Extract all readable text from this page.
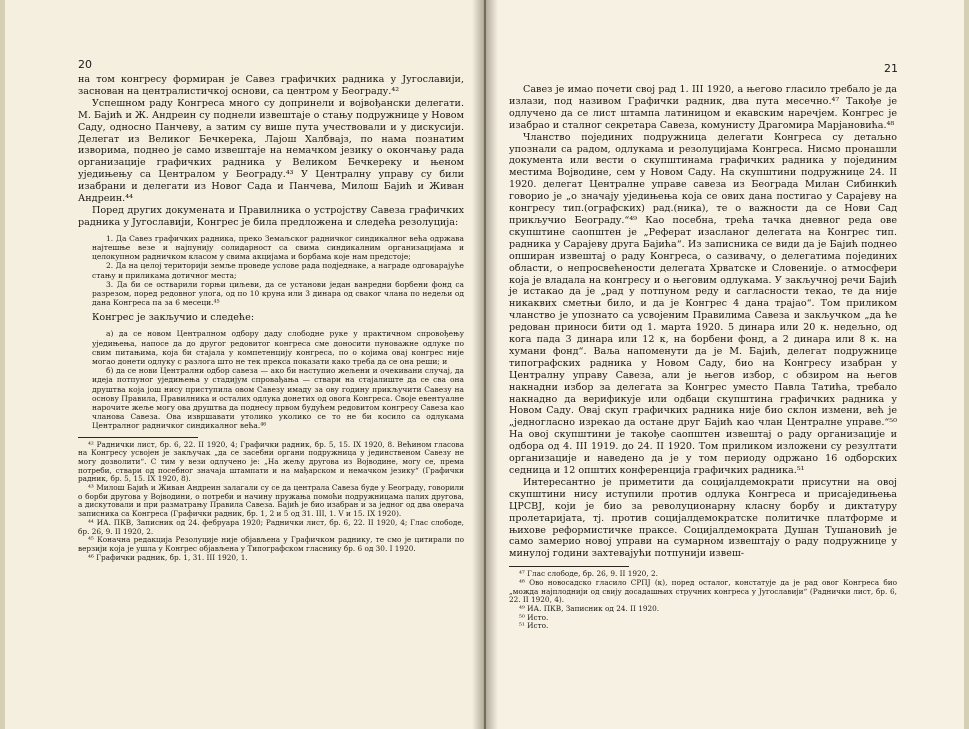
20

на том конгресу формиран је Савез графичких радника у Југославији, заснован на централистичкој основи, са центром у Београду.⁴²

Успешном раду Конгреса много су допринели и војвођански делегати. М. Бајић и Ж. Андреин су поднели извештаје о стању подружнице у Новом Саду, односно Панчеву, а затим су више пута учествовали и у дискусији. Делегат из Великог Бечкерека, Лајош Халбвајз, по нама познатим изворима, поднео је само извештаје на немачком језику о окончању рада организације графичких радника у Великом Бечкереку и њеном уједињењу са Централом у Београду.⁴³ У Централну управу су били изабрани и делегати из Новог Сада и Панчева, Милош Бајић и Живан Андреин.⁴⁴

Поред других докумената и Правилника о устројству Савеза графичких радника у Југославији, Конгрес је била предложена и следећа резолуција:

1. Да Савез графичких радника, преко Земаљског радничког синдикалног већа одржава најтешње везе и најпунију солидарност са свима синдикалним организацијама и целокупном радничком класом у свима акцијама и борбама које нам предстоје;

2. Да на целој територији земље проведе услове рада подједнаке, а награде одговарајуће стању и приликама дотичног места;

3. Да би се остварили горњи циљеви, да се установи један ванредни борбени фонд са разрезом, поред редовног улога, од по 10 круна или 3 динара од сваког члана по недељи од дана Конгреса па за 6 месеци.⁴⁵

Конгрес је закључио и следеће:

а) да се новом Централном одбору даду слободне руке у практичном спровођењу уједињења, напосе да до другог редовитог конгреса сме доносити пуноважне одлуке по свим питањима, која би стајала у компетенцију конгреса, по о којима овај конгрес није могао донети одлуку с разлога што не тек прекса показати како треба да се она реши; и

б) да се нови Централни одбор савеза — ако би наступио жељени и очекивани случај, да идеја потпуног уједињења у стадијум спровађања — ствари на стајалиште да се сва она друштва која још нису приступила овом Савезу имаду за ову годину прикључити Савезу на основу Правила, Правилника и осталих одлука донетих од овога Конгреса. Своје евентуалне нарочите жеље могу ова друштва да поднесу првом будућем редовитом конгресу Савеза као чланова Савеза. Ова извршавати утолико уколико се то не би косило са одлукама Централног радничког синдикалног већа.⁴⁶

⁴² Раднички лист, бр. 6, 22. II 1920, 4; Графички радник, бр. 5, 15. IX 1920, 8. Већином гласова на Конгресу усвојен је закључак „да се засебни органи подружница у јединственом Савезу не могу дозволити“. С тим у вези одлучено је: „На жељу другова из Војводине, могу се, према потреби, ствари од посебног значаја штампати и на мађарском и немачком језику“ (Графички радник, бр. 5, 15. IX 1920, 8).

⁴³ Милош Бајић и Живан Андреин залагали су се да централа Савеза буде у Београду, говорили о борби другова у Војводини, о потреби и начину пружања помоћи подружницама палих другова, а дискутовали и при разматрању Правила Савеза. Бајић је био изабран и за једног од два оверача записника са Конгреса (Графички радник, бр. 1, 2 и 5 од 31. III, 1. V и 15. IX 1920).

⁴⁴ ИА. ПКВ, Записник од 24. фебруара 1920; Раднички лист, бр. 6, 22. II 1920, 4; Глас слободе, бр. 26, 9. II 1920, 2.

⁴⁵ Коначна редакција Резолуције није објављена у Графичком раднику, те смо је цитирали по верзији која је ушла у Конгрес објављена у Типографском гласнику бр. 6 од 30. I 1920.

⁴⁶ Графички радник, бр. 1, 31. III 1920, 1.

21

Савез је имао почети свој рад 1. III 1920, а његово гласило требало је да излази, под називом Графички радник, два пута месечно.⁴⁷ Такође је одлучено да се лист штампа латиницом и екавским наречјем. Конгрес је изабрао и сталног секретара Савеза, комунисту Драгомира Марјановића.⁴⁸

Чланство појединих подружница делегати Конгреса су детаљно упознали са радом, одлукама и резолуцијама Конгреса. Нисмо пронашли документа или вести о скупштинама графичких радника у појединим местима Војводине, сем у Новом Саду. На скупштини подружнице 24. II 1920. делегат Централне управе савеза из Београда Милан Сибинкић говорио је „о значају уједињења која се ових дана постигао у Сарајеву на конгресу тип.(ографских) рад.(ника), те о важности да се Нови Сад прикључио Београду.“⁴⁹ Као посебна, трећа тачка дневног реда ове скупштине саопштен је „Реферат изасланог делегата на Конгрес тип. радника у Сарајеву друга Бајића“. Из записника се види да је Бајић поднео опширан извештај о раду Конгреса, о сазивачу, о делегатима појединих области, о непросвећености делегата Хрватске и Словеније. о атмосфери која је владала на конгресу и о његовим одлукама. У закључној речи Бајић је истакао да је „рад у потпуном реду и сагласности текао, те да није никаквих сметњи било, и да је Конгрес 4 дана трајао“. Том приликом чланство је упознато са усвојеним Правилима Савеза и закључком „да ће редован приноси бити од 1. марта 1920. 5 динара или 20 к. недељно, од кога пада 3 динара или 12 к, на борбени фонд, а 2 динара или 8 к. на хумани фонд“. Ваља напоменути да је М. Бајић, делегат подружнице типографских радника у Новом Саду, био на Конгресу изабран у Централну управу Савеза, али је његов избор, с обзиром на његов накнадни избор за делегата за Конгрес уместо Павла Татића, требало накнадно да верификује или одбаци скупштина графичких радника у Новом Саду. Овај скуп графичких радника није био склон измени, већ је „једногласно изрекао да остане друг Бајић као члан Централне управе.“⁵⁰ На овој скупштини је такође саопштен извештај о раду организације и одбора од 4. III 1919. до 24. II 1920. Том приликом изложени су резултати организације и наведено да је у том периоду одржано 16 одборских седница и 12 општих конференција графичких радника.⁵¹

Интересантно је приметити да социјалдемократи присутни на овој скупштини нису иступили против одлука Конгреса и присаједињења ЦРСВЈ, који је био за револуционарну класну борбу и диктатуру пролетаријата, тј. против социјалдемократске политичке платформе и њихове реформистичке праксе. Социјалдемократа Душан Тушановић је само замерио новој управи на сумарном извештају о раду подружнице у минулој години захтевајући потпунији извеш-

⁴⁷ Глас слободе, бр. 26, 9. II 1920, 2.

⁴⁸ Ово новосадско гласило СРПЈ (к), поред осталог, констатује да је рад овог Конгреса био „можда најплоднији од свију досадашњих стручних конгреса у Југославији“ (Раднички лист, бр. 6, 22. II 1920, 4).

⁴⁹ ИА. ПКВ, Записник од 24. II 1920.

⁵⁰ Исто.

⁵¹ Исто.
